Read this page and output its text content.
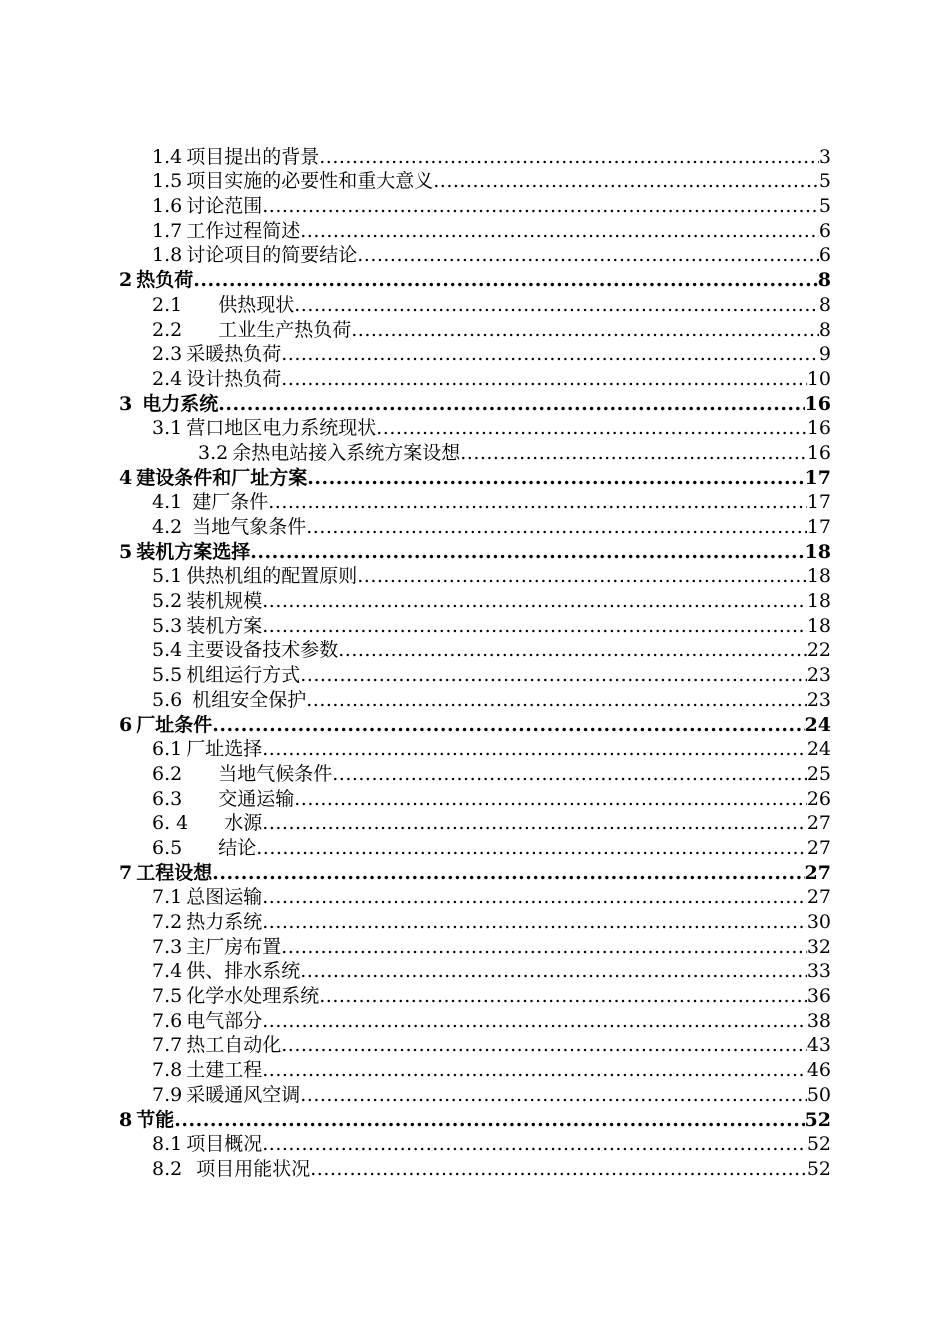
1.4 项目提出的背景 .....	3
1.5 项目实施的必要性和重大意义 .....	5
1.6 讨论范围 .....	5
1.7 工作过程简述 .....	6
1.8 讨论项目的简要结论 .....	6
2 热负荷 .....	8
2.1 供热现状 .....	8
2.2 工业生产热负荷 .....	8
2.3 采暖热负荷 .....	9
2.4 设计热负荷 .....	10
3 电力系统 .....	16
3.1 营口地区电力系统现状 .....	16
3.2 余热电站接入系统方案设想 .....	16
4 建设条件和厂址方案 .....	17
4.1 建厂条件 .....	17
4.2 当地气象条件 .....	17
5 装机方案选择 .....	18
5.1 供热机组的配置原则 .....	18
5.2 装机规模 .....	18
5.3 装机方案 .....	18
5.4 主要设备技术参数 .....	22
5.5 机组运行方式 .....	23
5.6 机组安全保护 .....	23
6 厂址条件 .....	24
6.1 厂址选择 .....	24
6.2 当地气候条件 .....	25
6.3 交通运输 .....	26
6. 4 水源 .....	27
6.5 结论 .....	27
7 工程设想 .....	27
7.1 总图运输 .....	27
7.2 热力系统 .....	30
7.3 主厂房布置 .....	32
7.4 供、排水系统 .....	33
7.5 化学水处理系统 .....	36
7.6 电气部分 .....	38
7.7 热工自动化 .....	43
7.8 土建工程 .....	46
7.9 采暖通风空调 .....	50
8 节能 .....	52
8.1 项目概况 .....	52
8.2 项目用能状况 .....	52
